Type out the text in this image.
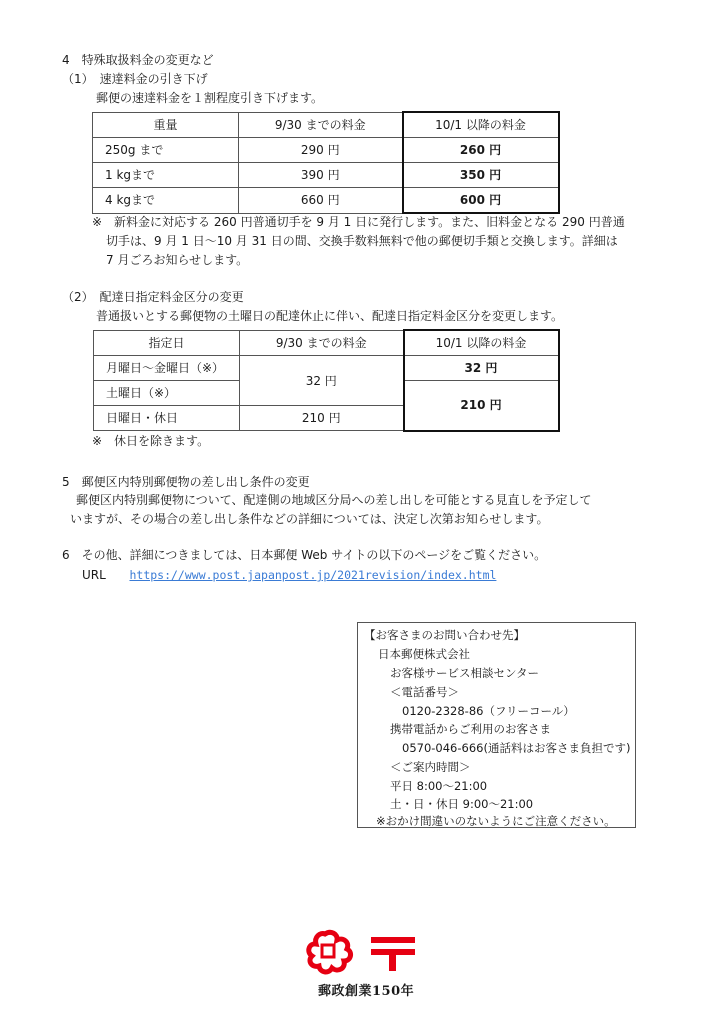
4　特殊取扱料金の変更など
（1）　速達料金の引き下げ
郵便の速達料金を１割程度引き下げます。
重量	9/30 までの料金	10/1 以降の料金
250g まで	290 円	260 円
1 kgまで	390 円	350 円
4 kgまで	660 円	600 円
※　新料金に対応する 260 円普通切手を 9 月 1 日に発行します。また、旧料金となる 290 円普通
切手は、9 月 1 日～10 月 31 日の間、交換手数料無料で他の郵便切手類と交換します。詳細は
7 月ごろお知らせします。
（2）　配達日指定料金区分の変更
普通扱いとする郵便物の土曜日の配達休止に伴い、配達日指定料金区分を変更します。
指定日	9/30 までの料金	10/1 以降の料金
月曜日～金曜日（※）	32 円	32 円
土曜日（※）		210 円
日曜日・休日	210 円	
※　休日を除きます。
5　郵便区内特別郵便物の差し出し条件の変更
郵便区内特別郵便物について、配達側の地域区分局への差し出しを可能とする見直しを予定して
いますが、その場合の差し出し条件などの詳細については、決定し次第お知らせします。
6　その他、詳細につきましては、日本郵便 Web サイトの以下のページをご覧ください。
URL https://www.post.japanpost.jp/2021revision/index.html
【お客さまのお問い合わせ先】
日本郵便株式会社
お客様サービス相談センター
＜電話番号＞
0120-2328-86（フリーコール）
携帯電話からご利用のお客さま
0570-046-666(通話料はお客さま負担です)
＜ご案内時間＞
平日 8:00～21:00
土・日・休日 9:00～21:00
※おかけ間違いのないようにご注意ください。
郵政創業150年
